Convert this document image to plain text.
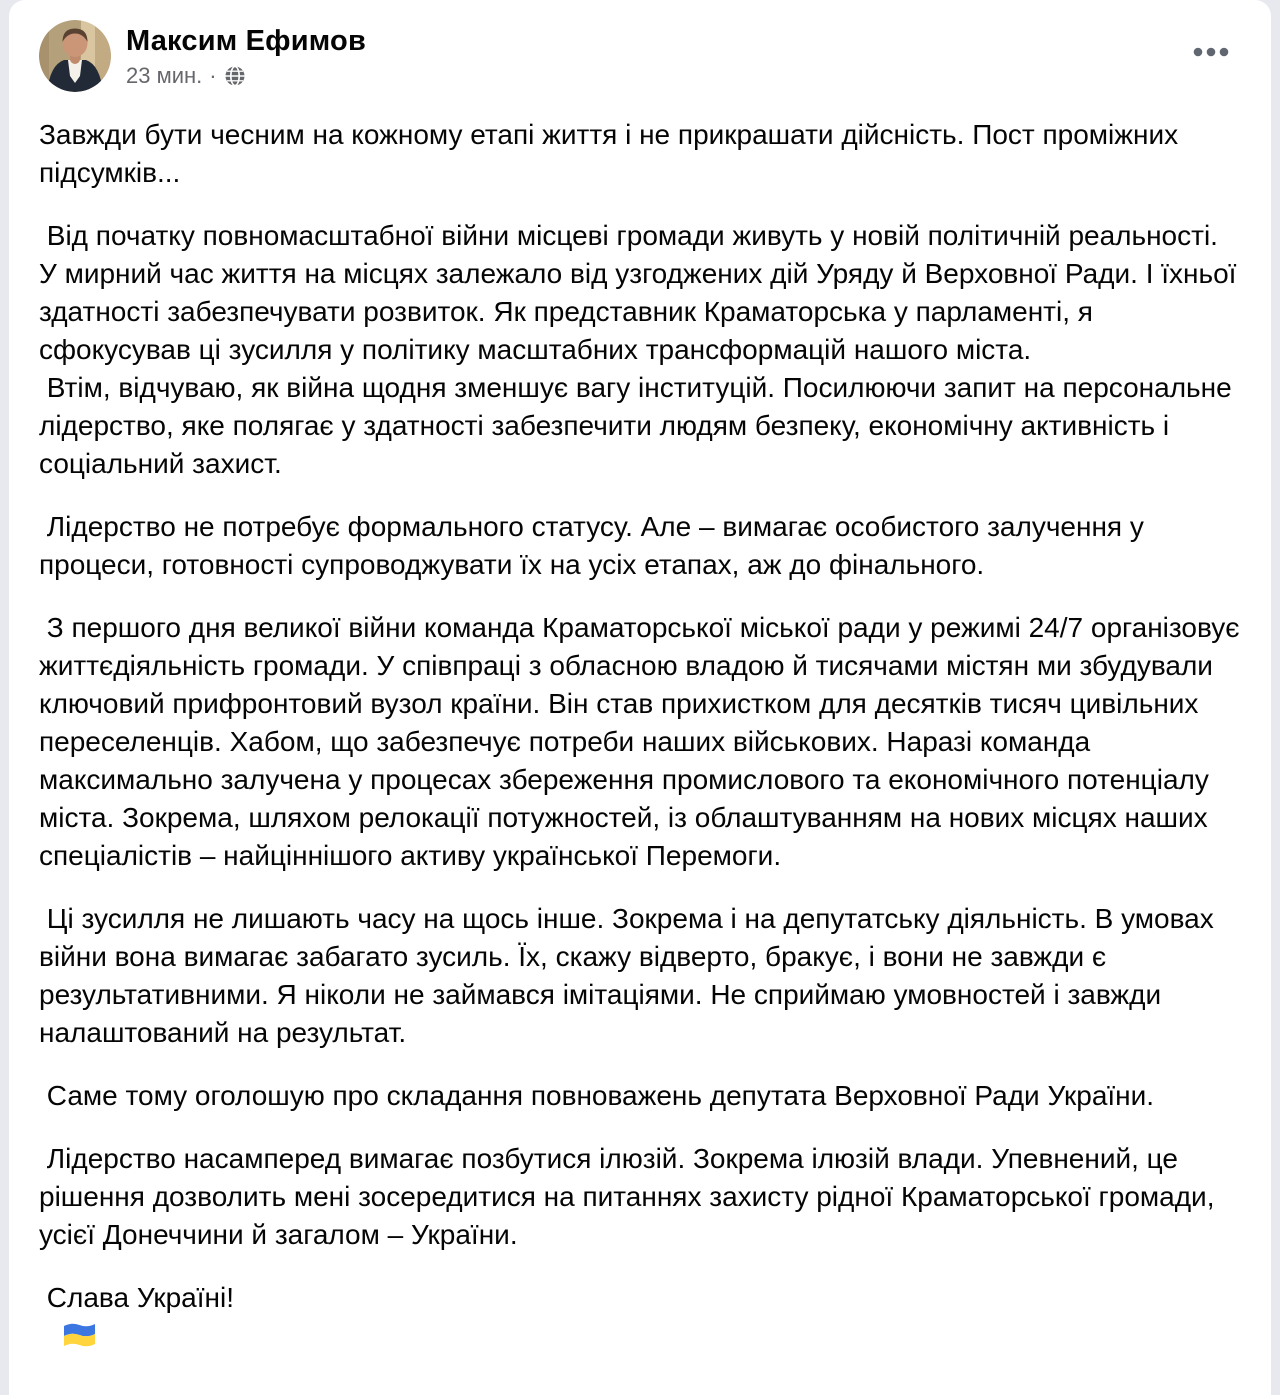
Максим Ефимов
23 мин. ·

Завжди бути чесним на кожному етапі життя і не прикрашати дійсність. Пост проміжних підсумків...

Від початку повномасштабної війни місцеві громади живуть у новій політичній реальності. У мирний час життя на місцях залежало від узгоджених дій Уряду й Верховної Ради. І їхньої здатності забезпечувати розвиток. Як представник Краматорська у парламенті, я сфокусував ці зусилля у політику масштабних трансформацій нашого міста.

Втім, відчуваю, як війна щодня зменшує вагу інституцій. Посилюючи запит на персональне лідерство, яке полягає у здатності забезпечити людям безпеку, економічну активність і соціальний захист.

Лідерство не потребує формального статусу. Але – вимагає особистого залучення у процеси, готовності супроводжувати їх на усіх етапах, аж до фінального.

З першого дня великої війни команда Краматорської міської ради у режимі 24/7 організовує життєдіяльність громади. У співпраці з обласною владою й тисячами містян ми збудували ключовий прифронтовий вузол країни. Він став прихистком для десятків тисяч цивільних переселенців. Хабом, що забезпечує потреби наших військових. Наразі команда максимально залучена у процесах збереження промислового та економічного потенціалу міста. Зокрема, шляхом релокації потужностей, із облаштуванням на нових місцях наших спеціалістів – найціннішого активу української Перемоги.

Ці зусилля не лишають часу на щось інше. Зокрема і на депутатську діяльність. В умовах війни вона вимагає забагато зусиль. Їх, скажу відверто, бракує, і вони не завжди є результативними. Я ніколи не займався імітаціями. Не сприймаю умовностей і завжди налаштований на результат.

Саме тому оголошую про складання повноважень депутата Верховної Ради України.

Лідерство насамперед вимагає позбутися ілюзій. Зокрема ілюзій влади. Упевнений, це рішення дозволить мені зосередитися на питаннях захисту рідної Краматорської громади, усієї Донеччини й загалом – України.

Слава Україні!
